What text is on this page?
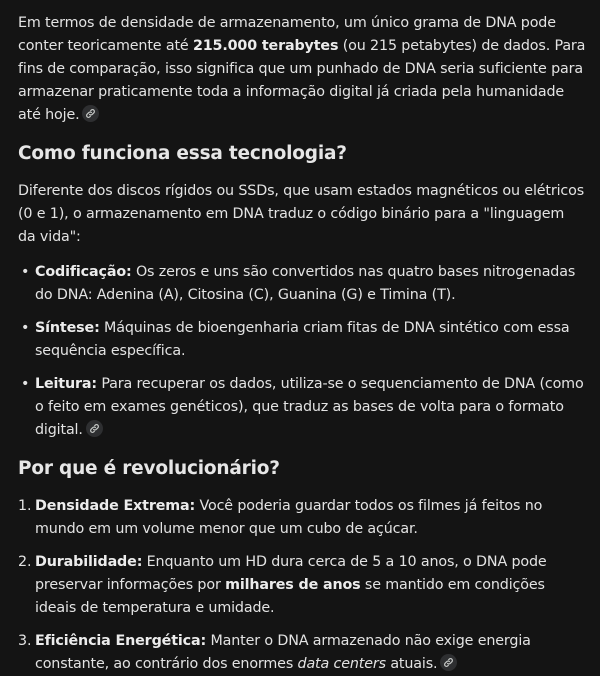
Em termos de densidade de armazenamento, um único grama de DNA pode conter teoricamente até 215.000 terabytes (ou 215 petabytes) de dados. Para fins de comparação, isso significa que um punhado de DNA seria suficiente para armazenar praticamente toda a informação digital já criada pela humanidade até hoje.

Como funciona essa tecnologia?

Diferente dos discos rígidos ou SSDs, que usam estados magnéticos ou elétricos (0 e 1), o armazenamento em DNA traduz o código binário para a "linguagem da vida":

• Codificação: Os zeros e uns são convertidos nas quatro bases nitrogenadas do DNA: Adenina (A), Citosina (C), Guanina (G) e Timina (T).
• Síntese: Máquinas de bioengenharia criam fitas de DNA sintético com essa sequência específica.
• Leitura: Para recuperar os dados, utiliza-se o sequenciamento de DNA (como o feito em exames genéticos), que traduz as bases de volta para o formato digital.
Por que é revolucionário?
1. Densidade Extrema: Você poderia guardar todos os filmes já feitos no mundo em um volume menor que um cubo de açúcar.
2. Durabilidade: Enquanto um HD dura cerca de 5 a 10 anos, o DNA pode preservar informações por milhares de anos se mantido em condições ideais de temperatura e umidade.
3. Eficiência Energética: Manter o DNA armazenado não exige energia constante, ao contrário dos enormes data centers atuais.
